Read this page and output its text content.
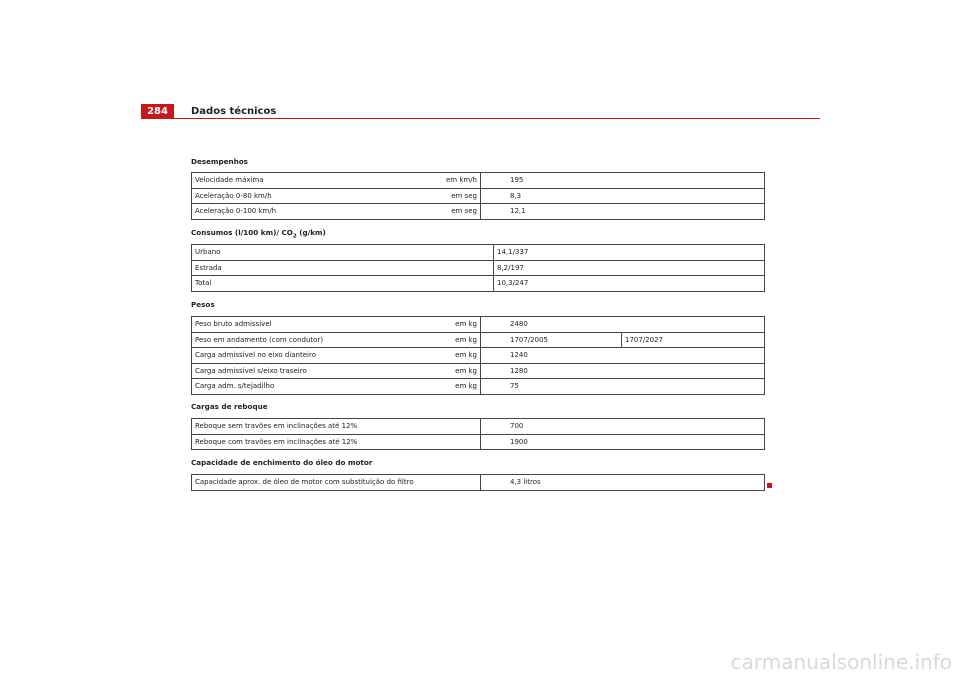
284	Dados técnicos
Desempenhos
Velocidade máxima em km/h	195
Aceleração 0-80 km/h em seg	8,3
Aceleração 0-100 km/h em seg	12,1
Consumos (l/100 km)/ $CO_2$ (g/km)
Urbano	14,1/337
Estrada	8,2/197
Total	10,3/247
Pesos
Peso bruto admissível em kg	2480	
Peso em andamento (com condutor) em kg	1707/2005	1707/2027
Carga admissível no eixo dianteiro em kg	1240	
Carga admissível s/eixo traseiro em kg	1280	
Carga adm. s/tejadilho em kg	75	
Cargas de reboque
Reboque sem travões em inclinações até 12%	700
Reboque com travões em inclinações até 12%	1900
Capacidade de enchimento do óleo do motor
Capacidade aprox. de óleo de motor com substituição do filtro	4,3 litros
carmanualsonline.info
